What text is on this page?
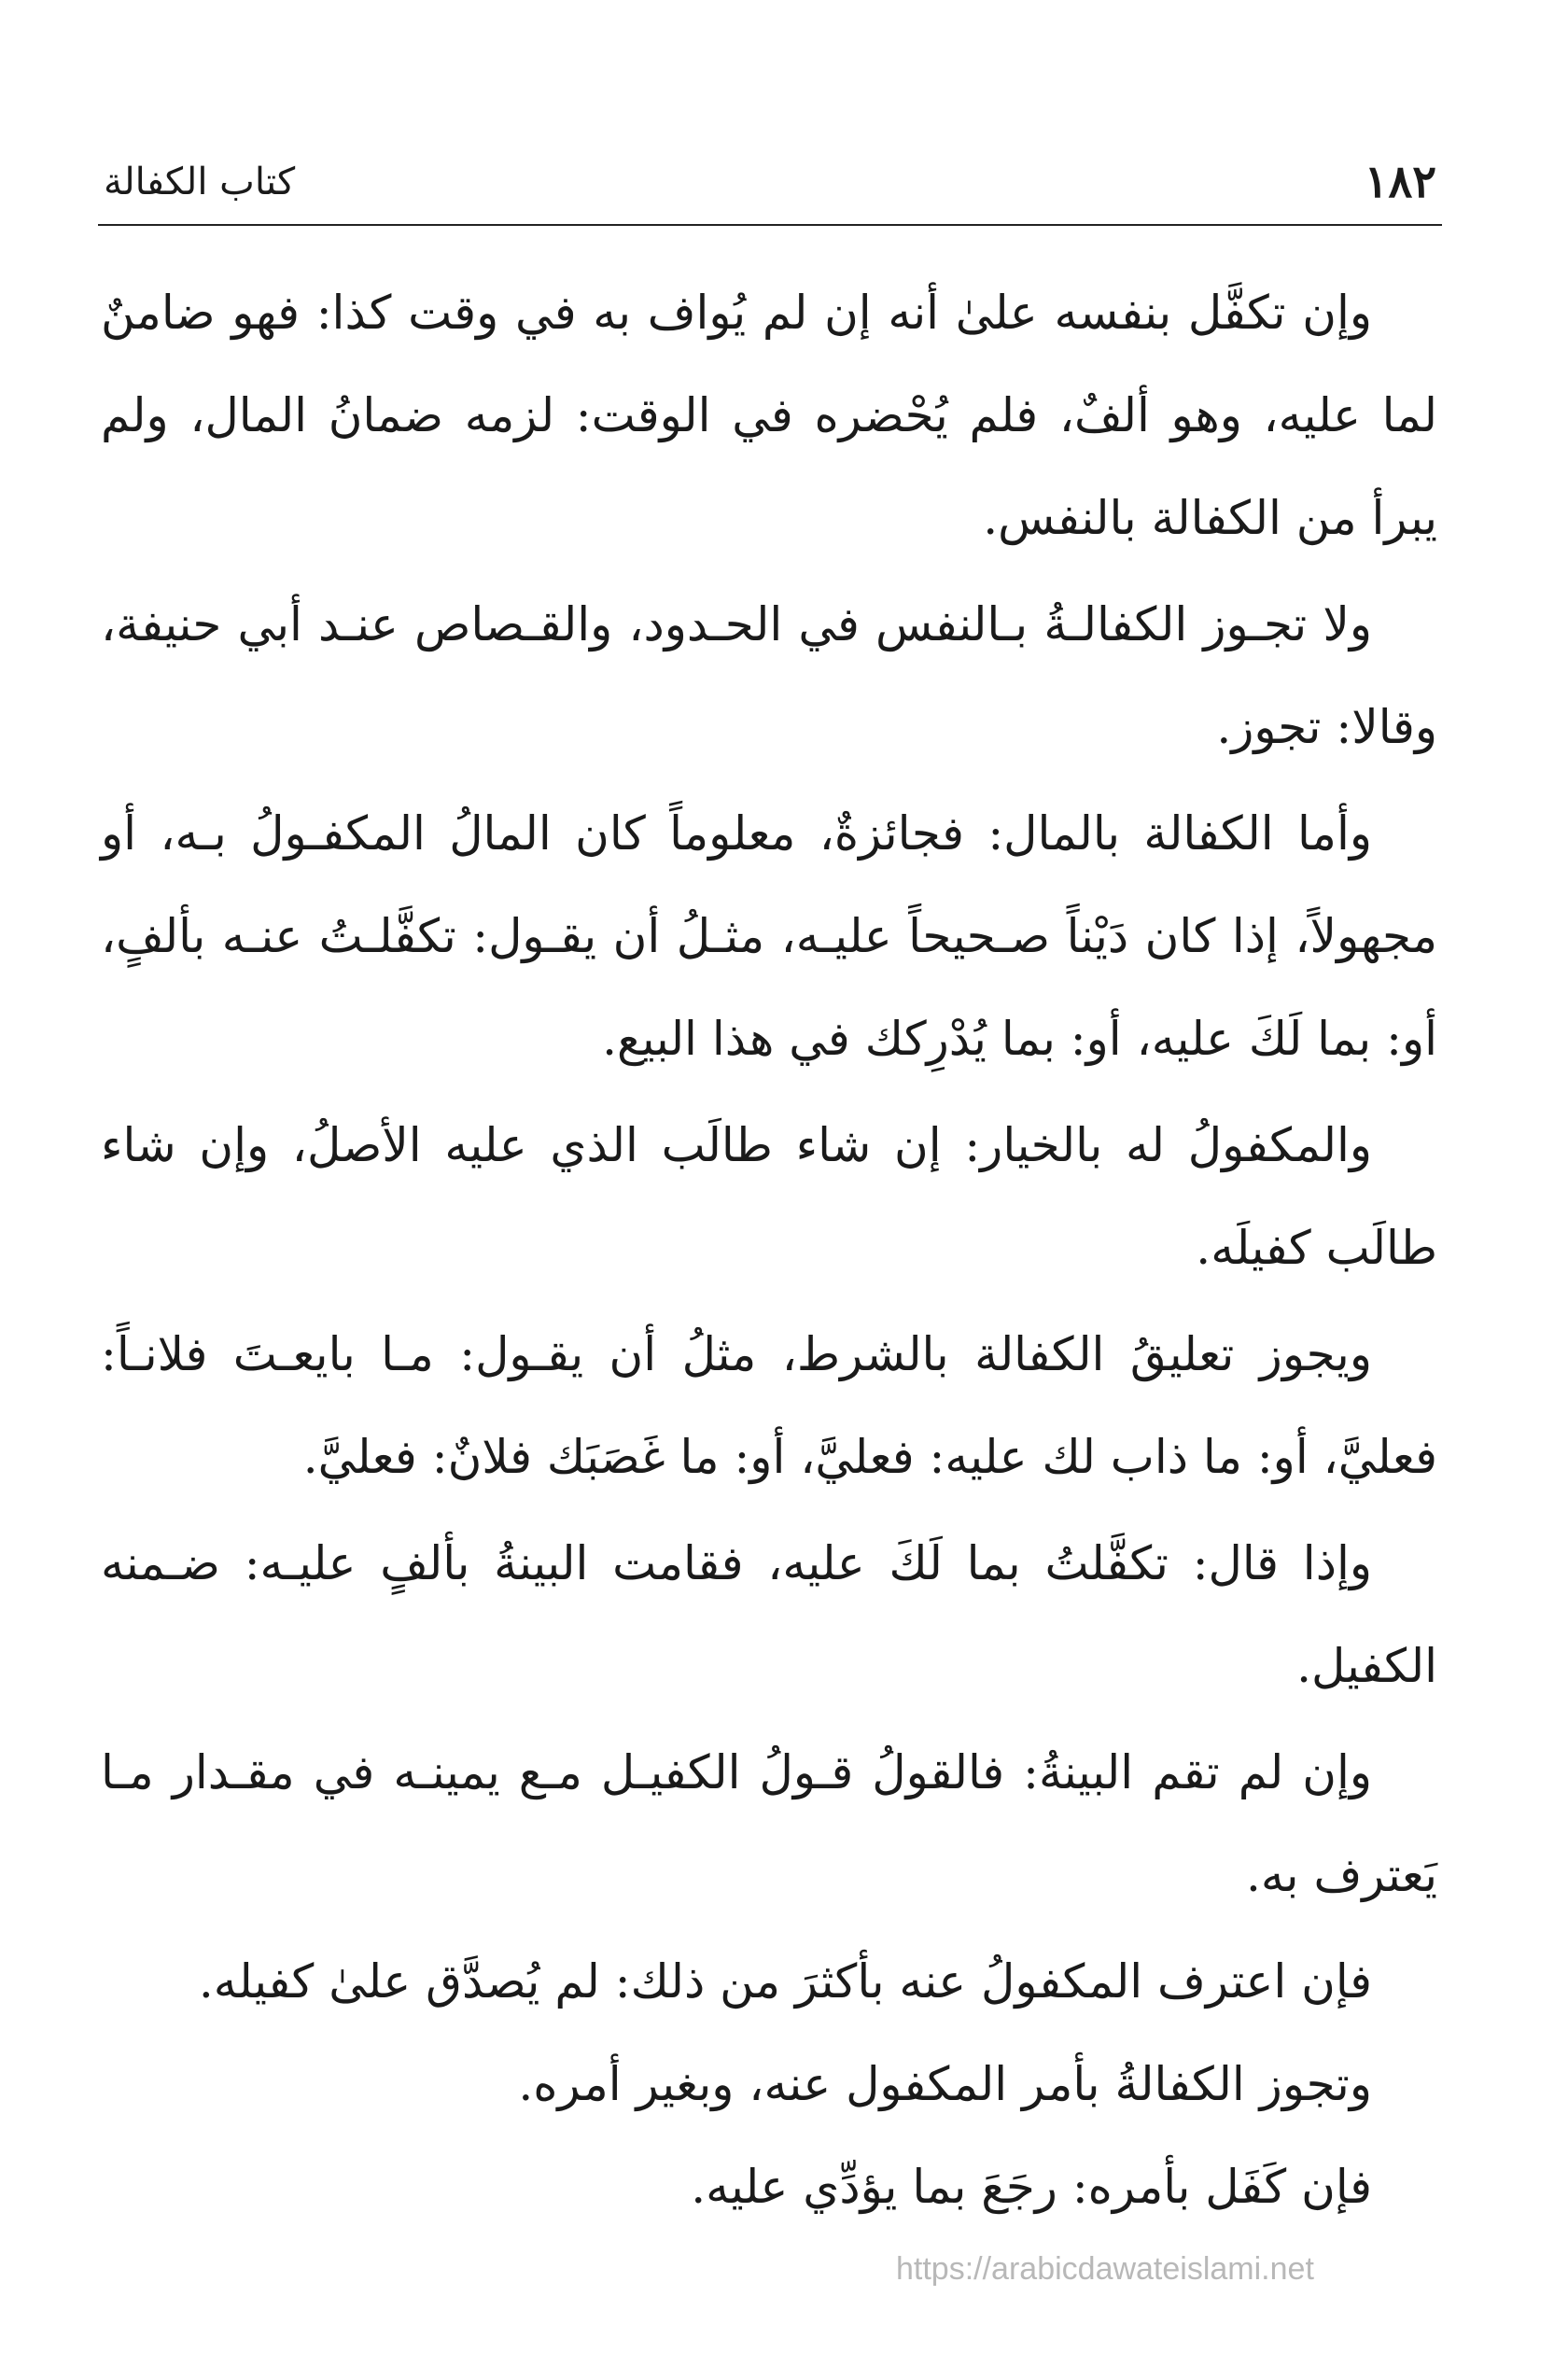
كتاب الكفالة	١٨٢

وإن تكفَّل بنفسه علىٰ أنه إن لم يُواف به في وقت كذا: فهو ضامنٌ لما عليه، وهو ألفٌ، فلم يُحْضره في الوقت: لزمه ضمانُ المال، ولم يبرأ من الكفالة بالنفس.

ولا تجـوز الكفالـةُ بـالنفس في الحـدود، والقـصاص عنـد أبي حنيفة، وقالا: تجوز.

وأما الكفالة بالمال: فجائزةٌ، معلوماً كان المالُ المكفـولُ بـه، أو مجهولاً، إذا كان دَيْناً صـحيحاً عليـه، مثـلُ أن يقـول: تكفَّلـتُ عنـه بألفٍ، أو: بما لَكَ عليه، أو: بما يُدْرِكك في هذا البيع.

والمكفولُ له بالخيار: إن شاء طالَب الذي عليه الأصلُ، وإن شاء طالَب كفيلَه.

ويجوز تعليقُ الكفالة بالشرط، مثلُ أن يقـول: مـا بايعـتَ فلانـاً: فعليَّ، أو: ما ذاب لك عليه: فعليَّ، أو: ما غَصَبَك فلانٌ: فعليَّ.

وإذا قال: تكفَّلتُ بما لَكَ عليه، فقامت البينةُ بألفٍ عليـه: ضـمنه الكفيل.

وإن لم تقم البينةُ: فالقولُ قـولُ الكفيـل مـع يمينـه في مقـدار مـا يَعترف به.

فإن اعترف المكفولُ عنه بأكثرَ من ذلك: لم يُصدَّق علىٰ كفيله.

وتجوز الكفالةُ بأمر المكفول عنه، وبغير أمره.

فإن كَفَل بأمره: رجَعَ بما يؤدِّي عليه.

https://arabicdawateislami.net
